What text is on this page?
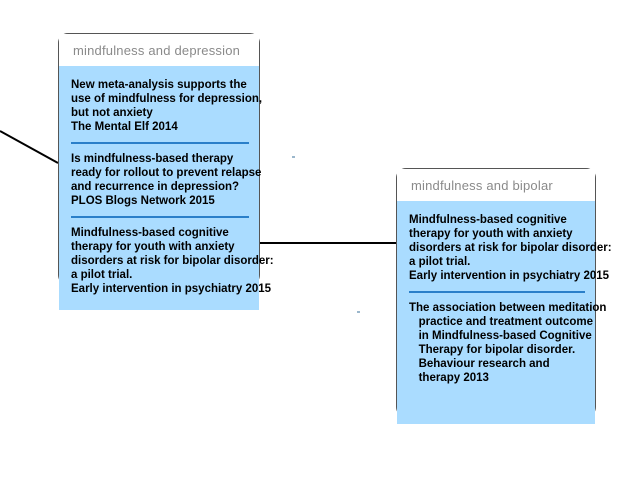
mindfulness and depression
New meta-analysis supports the
use of mindfulness for depression,
but not anxiety
The Mental Elf 2014
Is mindfulness-based therapy
ready for rollout to prevent relapse
and recurrence in depression?
PLOS Blogs Network 2015
Mindfulness-based cognitive
therapy for youth with anxiety
disorders at risk for bipolar disorder:
a pilot trial.
Early intervention in psychiatry 2015
mindfulness and bipolar
Mindfulness-based cognitive
therapy for youth with anxiety
disorders at risk for bipolar disorder:
a pilot trial.
Early intervention in psychiatry 2015
The association between meditation
practice and treatment outcome
in Mindfulness-based Cognitive
Therapy for bipolar disorder.
Behaviour research and
therapy 2013
